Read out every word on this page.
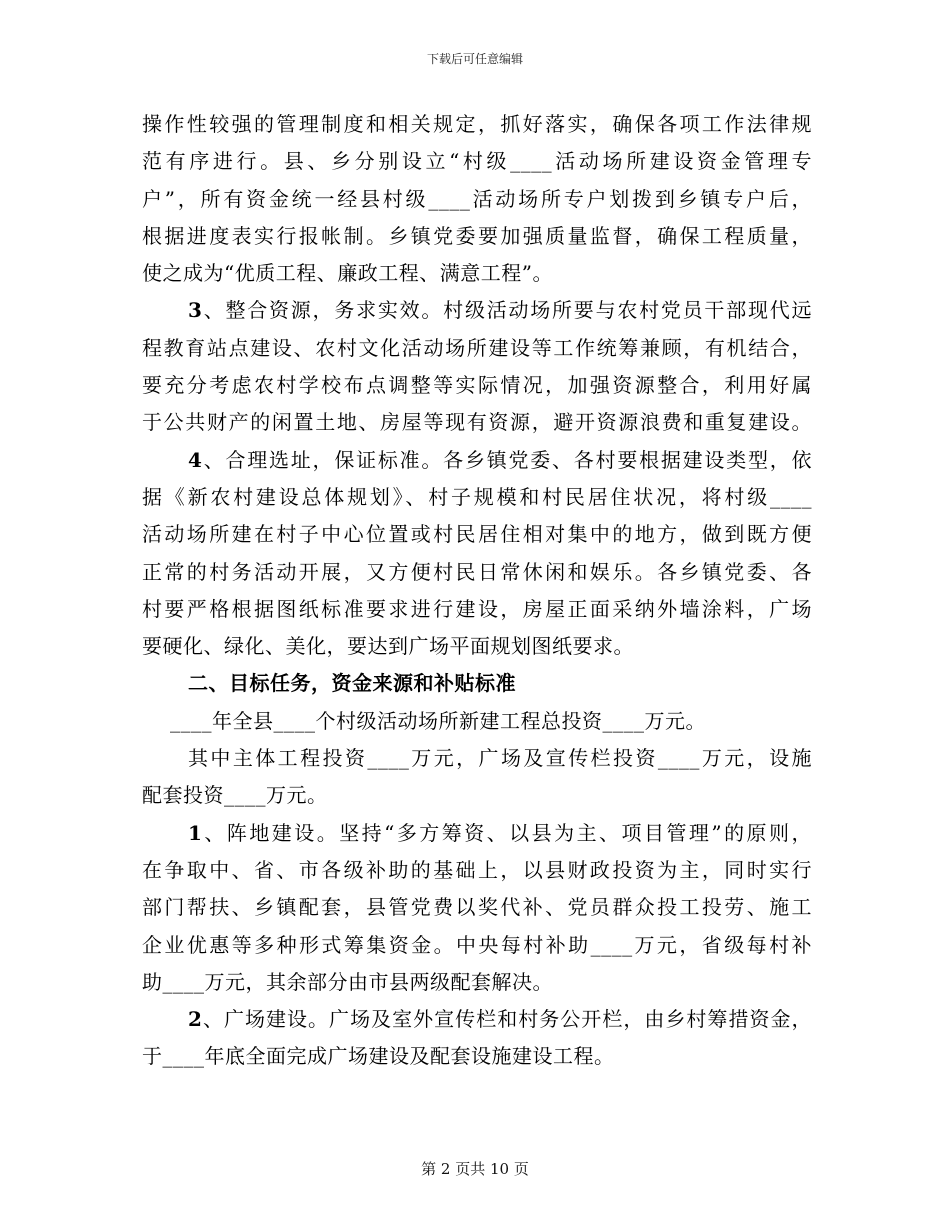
下载后可任意编辑
操作性较强的管理制度和相关规定，抓好落实，确保各项工作法律规
范有序进行。县、乡分别设立“村级____活动场所建设资金管理专
户”，所有资金统一经县村级____活动场所专户划拨到乡镇专户后，
根据进度表实行报帐制。乡镇党委要加强质量监督，确保工程质量，
使之成为“优质工程、廉政工程、满意工程”。
3、整合资源，务求实效。村级活动场所要与农村党员干部现代远
程教育站点建设、农村文化活动场所建设等工作统筹兼顾，有机结合，
要充分考虑农村学校布点调整等实际情况，加强资源整合，利用好属
于公共财产的闲置土地、房屋等现有资源，避开资源浪费和重复建设。
4、合理选址，保证标准。各乡镇党委、各村要根据建设类型，依
据《新农村建设总体规划》、村子规模和村民居住状况，将村级____
活动场所建在村子中心位置或村民居住相对集中的地方，做到既方便
正常的村务活动开展，又方便村民日常休闲和娱乐。各乡镇党委、各
村要严格根据图纸标准要求进行建设，房屋正面采纳外墙涂料，广场
要硬化、绿化、美化，要达到广场平面规划图纸要求。
二、目标任务，资金来源和补贴标准
____年全县____个村级活动场所新建工程总投资____万元。
其中主体工程投资____万元，广场及宣传栏投资____万元，设施
配套投资____万元。
1、阵地建设。坚持“多方筹资、以县为主、项目管理”的原则，
在争取中、省、市各级补助的基础上，以县财政投资为主，同时实行
部门帮扶、乡镇配套，县管党费以奖代补、党员群众投工投劳、施工
企业优惠等多种形式筹集资金。中央每村补助____万元，省级每村补
助____万元，其余部分由市县两级配套解决。
2、广场建设。广场及室外宣传栏和村务公开栏，由乡村筹措资金，
于____年底全面完成广场建设及配套设施建设工程。
第 2 页共 10 页
